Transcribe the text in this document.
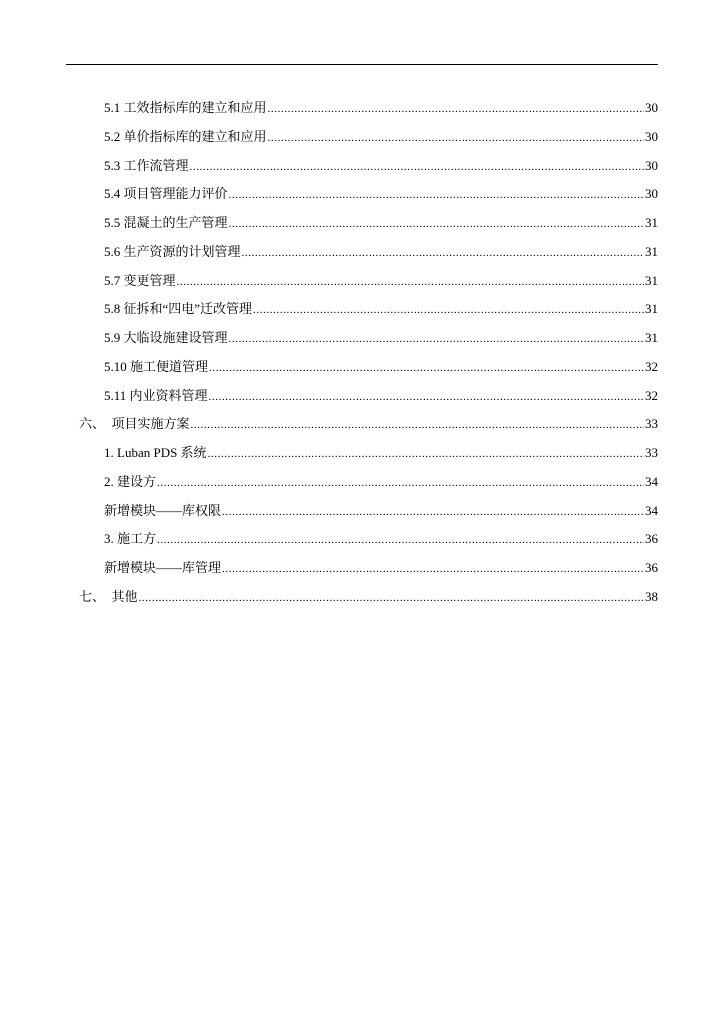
5.1 工效指标库的建立和应用 .....	30
5.2 单价指标库的建立和应用 .....	30
5.3 工作流管理 .....	30
5.4 项目管理能力评价 .....	30
5.5 混凝土的生产管理 .....	31
5.6 生产资源的计划管理 .....	31
5.7 变更管理 .....	31
5.8 征拆和“四电”迁改管理 .....	31
5.9 大临设施建设管理 .....	31
5.10 施工便道管理 .....	32
5.11 内业资料管理 .....	32
六、  项目实施方案 .....	33
1. Luban PDS 系统 .....	33
2. 建设方 .....	34
新增模块——库权限 .....	34
3. 施工方 .....	36
新增模块——库管理 .....	36
七、  其他 .....	38
